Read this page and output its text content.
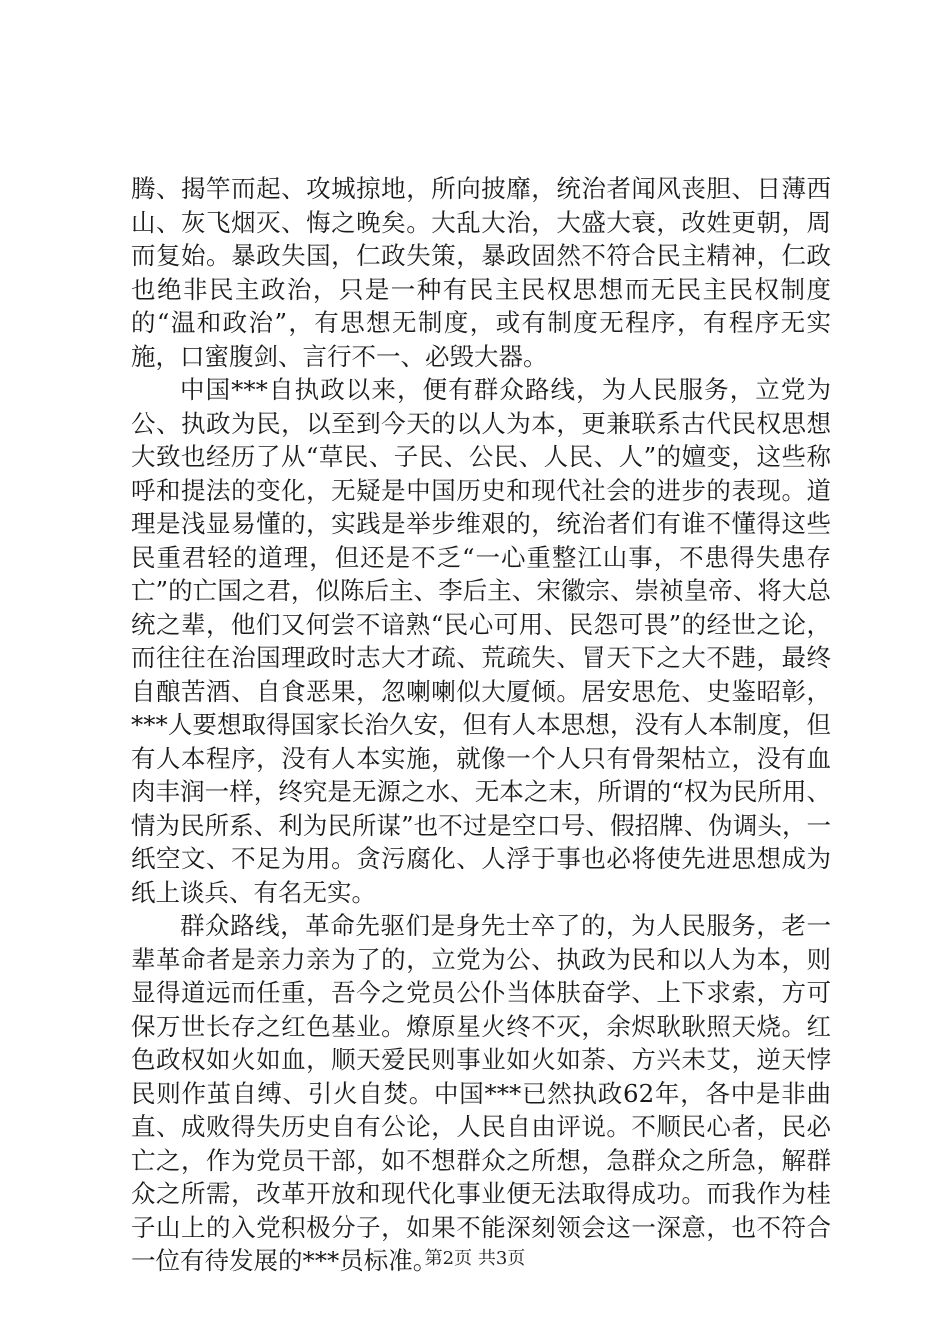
腾、揭竿而起、攻城掠地，所向披靡，统治者闻风丧胆、日薄西山、灰飞烟灭、悔之晚矣。大乱大治，大盛大衰，改姓更朝，周而复始。暴政失国，仁政失策，暴政固然不符合民主精神，仁政也绝非民主政治，只是一种有民主民权思想而无民主民权制度的“温和政治”，有思想无制度，或有制度无程序，有程序无实施，口蜜腹剑、言行不一、必毁大器。

中国***自执政以来，便有群众路线，为人民服务，立党为公、执政为民，以至到今天的以人为本，更兼联系古代民权思想大致也经历了从“草民、子民、公民、人民、人”的嬗变，这些称呼和提法的变化，无疑是中国历史和现代社会的进步的表现。道理是浅显易懂的，实践是举步维艰的，统治者们有谁不懂得这些民重君轻的道理，但还是不乏“一心重整江山事，不患得失患存亡”的亡国之君，似陈后主、李后主、宋徽宗、崇祯皇帝、将大总统之辈，他们又何尝不谙熟“民心可用、民怨可畏”的经世之论，而往往在治国理政时志大才疏、荒疏失、冒天下之大不韪，最终自酿苦酒、自食恶果，忽喇喇似大厦倾。居安思危、史鉴昭彰，***人要想取得国家长治久安，但有人本思想，没有人本制度，但有人本程序，没有人本实施，就像一个人只有骨架枯立，没有血肉丰润一样，终究是无源之水、无本之末，所谓的“权为民所用、情为民所系、利为民所谋”也不过是空口号、假招牌、伪调头，一纸空文、不足为用。贪污腐化、人浮于事也必将使先进思想成为纸上谈兵、有名无实。

群众路线，革命先驱们是身先士卒了的，为人民服务，老一辈革命者是亲力亲为了的，立党为公、执政为民和以人为本，则显得道远而任重，吾今之党员公仆当体肤奋学、上下求索，方可保万世长存之红色基业。燎原星火终不灭，余烬耿耿照天烧。红色政权如火如血，顺天爱民则事业如火如荼、方兴未艾，逆天悖民则作茧自缚、引火自焚。中国***已然执政62年，各中是非曲直、成败得失历史自有公论，人民自由评说。不顺民心者，民必亡之，作为党员干部，如不想群众之所想，急群众之所急，解群众之所需，改革开放和现代化事业便无法取得成功。而我作为桂子山上的入党积极分子，如果不能深刻领会这一深意，也不符合一位有待发展的***员标准。

第2页 共3页
